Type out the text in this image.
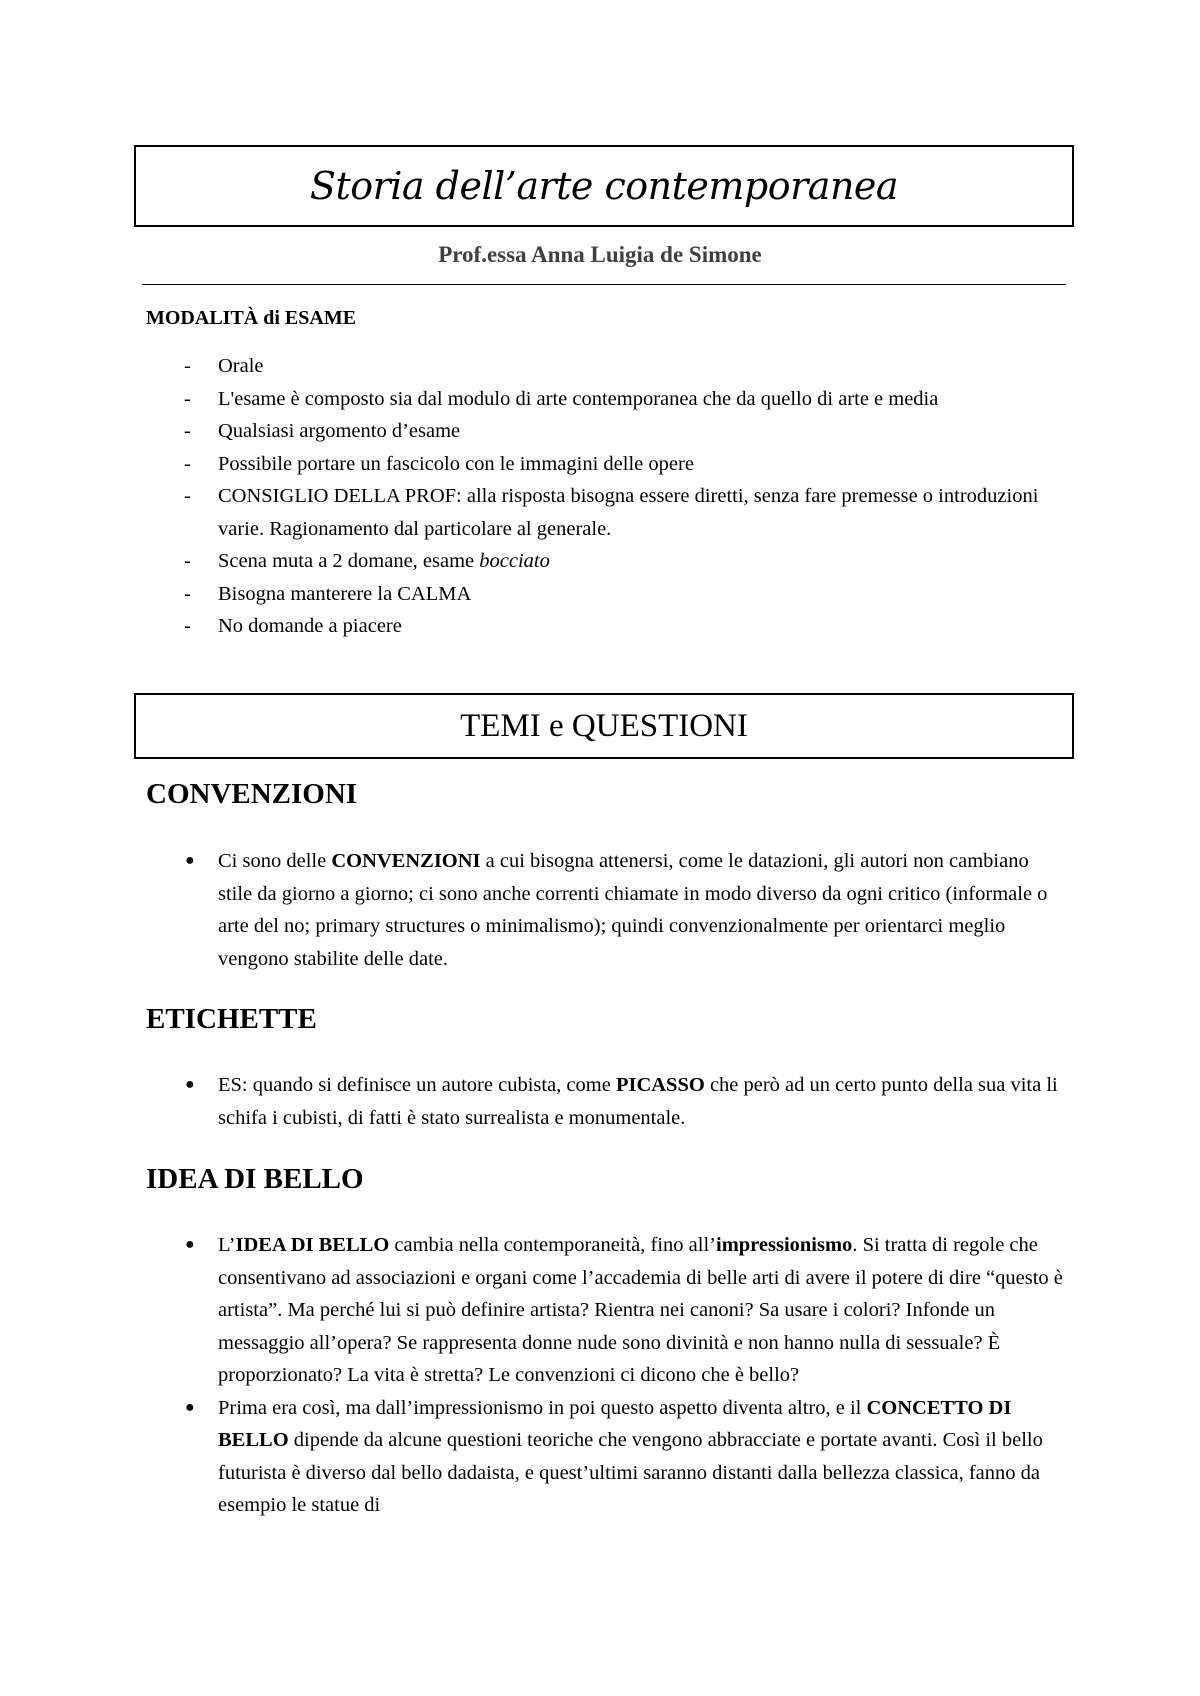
Storia dell’arte contemporanea
Prof.essa Anna Luigia de Simone
MODALITÀ di ESAME
- Orale
- L'esame è composto sia dal modulo di arte contemporanea che da quello di arte e media
- Qualsiasi argomento d’esame
- Possibile portare un fascicolo con le immagini delle opere
- CONSIGLIO DELLA PROF: alla risposta bisogna essere diretti, senza fare premesse o introduzioni varie. Ragionamento dal particolare al generale.
- Scena muta a 2 domane, esame bocciato
- Bisogna manterere la CALMA
- No domande a piacere
TEMI e QUESTIONI
CONVENZIONI
● Ci sono delle CONVENZIONI a cui bisogna attenersi, come le datazioni, gli autori non cambiano stile da giorno a giorno; ci sono anche correnti chiamate in modo diverso da ogni critico (informale o arte del no; primary structures o minimalismo); quindi convenzionalmente per orientarci meglio vengono stabilite delle date.
ETICHETTE
● ES: quando si definisce un autore cubista, come PICASSO che però ad un certo punto della sua vita li schifa i cubisti, di fatti è stato surrealista e monumentale.
IDEA DI BELLO
● L’IDEA DI BELLO cambia nella contemporaneità, fino all’impressionismo. Si tratta di regole che consentivano ad associazioni e organi come l’accademia di belle arti di avere il potere di dire “questo è artista”. Ma perché lui si può definire artista? Rientra nei canoni? Sa usare i colori? Infonde un messaggio all’opera? Se rappresenta donne nude sono divinità e non hanno nulla di sessuale? È proporzionato? La vita è stretta? Le convenzioni ci dicono che è bello?
● Prima era così, ma dall’impressionismo in poi questo aspetto diventa altro, e il CONCETTO DI BELLO dipende da alcune questioni teoriche che vengono abbracciate e portate avanti. Così il bello futurista è diverso dal bello dadaista, e quest’ultimi saranno distanti dalla bellezza classica, fanno da esempio le statue di
